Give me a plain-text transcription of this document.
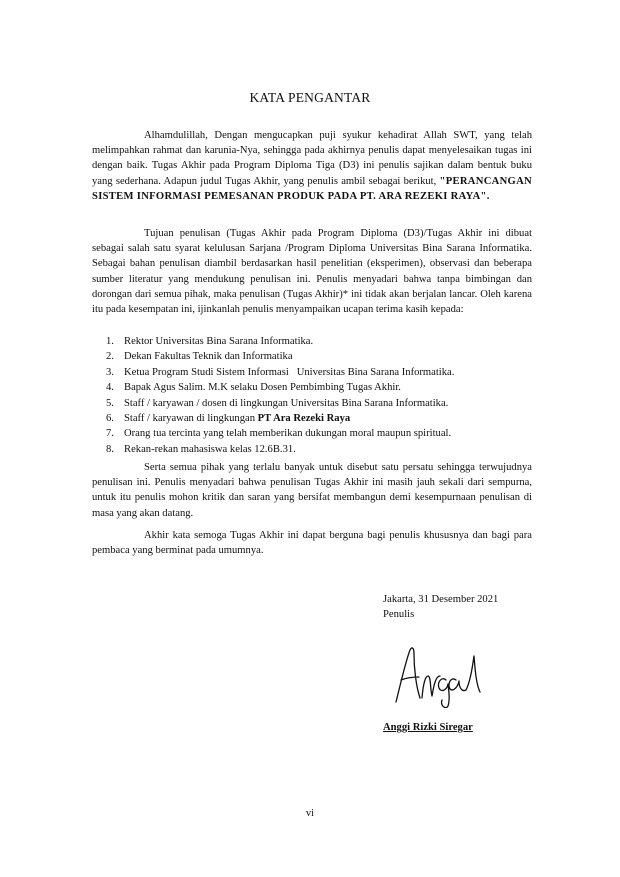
KATA PENGANTAR

Alhamdulillah, Dengan mengucapkan puji syukur kehadirat Allah SWT, yang telah melimpahkan rahmat dan karunia-Nya, sehingga pada akhirnya penulis dapat menyelesaikan tugas ini dengan baik. Tugas Akhir pada Program Diploma Tiga (D3) ini penulis sajikan dalam bentuk buku yang sederhana. Adapun judul Tugas Akhir, yang penulis ambil sebagai berikut, "PERANCANGAN SISTEM INFORMASI PEMESANAN PRODUK PADA PT. ARA REZEKI RAYA".

Tujuan penulisan (Tugas Akhir pada Program Diploma (D3)/Tugas Akhir ini dibuat sebagai salah satu syarat kelulusan Sarjana /Program Diploma Universitas Bina Sarana Informatika. Sebagai bahan penulisan diambil berdasarkan hasil penelitian (eksperimen), observasi dan beberapa sumber literatur yang mendukung penulisan ini. Penulis menyadari bahwa tanpa bimbingan dan dorongan dari semua pihak, maka penulisan (Tugas Akhir)* ini tidak akan berjalan lancar. Oleh karena itu pada kesempatan ini, ijinkanlah penulis menyampaikan ucapan terima kasih kepada:

1. Rektor Universitas Bina Sarana Informatika.
2. Dekan Fakultas Teknik dan Informatika
3. Ketua Program Studi Sistem Informasi   Universitas Bina Sarana Informatika.
4. Bapak Agus Salim. M.K selaku Dosen Pembimbing Tugas Akhir.
5. Staff / karyawan / dosen di lingkungan Universitas Bina Sarana Informatika.
6. Staff / karyawan di lingkungan PT Ara Rezeki Raya
7. Orang tua tercinta yang telah memberikan dukungan moral maupun spiritual.
8. Rekan-rekan mahasiswa kelas 12.6B.31.

Serta semua pihak yang terlalu banyak untuk disebut satu persatu sehingga terwujudnya penulisan ini. Penulis menyadari bahwa penulisan Tugas Akhir ini masih jauh sekali dari sempurna, untuk itu penulis mohon kritik dan saran yang bersifat membangun demi kesempurnaan penulisan di masa yang akan datang.

Akhir kata semoga Tugas Akhir ini dapat berguna bagi penulis khususnya dan bagi para pembaca yang berminat pada umumnya.

Jakarta, 31 Desember 2021
Penulis
Anggi Rizki Siregar
vi
